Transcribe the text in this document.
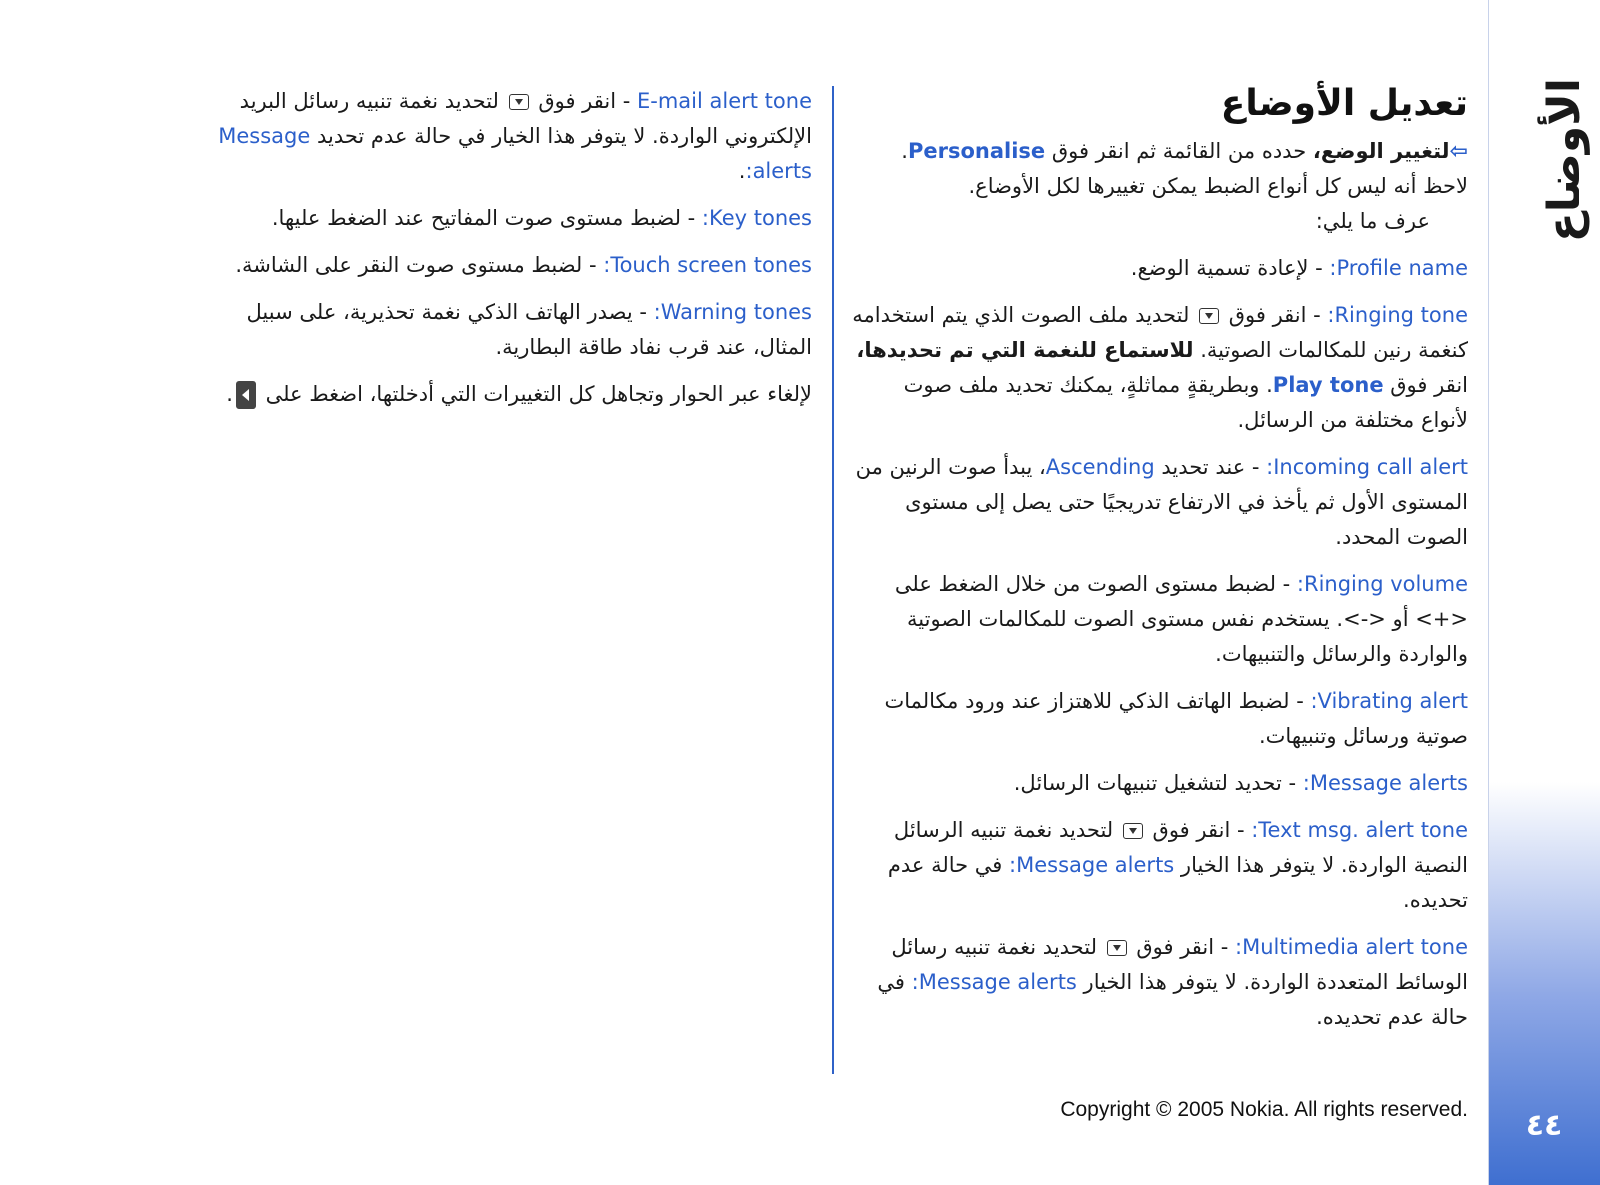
الأوضاع
٤٤
تعديل الأوضاع
⇦لتغيير الوضع، حدده من القائمة ثم انقر فوق Personalise. لاحظ أنه ليس كل أنواع الضبط يمكن تغييرها لكل الأوضاع.
عرف ما يلي:
Profile name: - لإعادة تسمية الوضع.
Ringing tone: - انقر فوق  لتحديد ملف الصوت الذي يتم استخدامه كنغمة رنين للمكالمات الصوتية. للاستماع للنغمة التي تم تحديدها، انقر فوق Play tone. وبطريقةٍ مماثلةٍ، يمكنك تحديد ملف صوت لأنواع مختلفة من الرسائل.
Incoming call alert: - عند تحديد Ascending، يبدأ صوت الرنين من المستوى الأول ثم يأخذ في الارتفاع تدريجيًا حتى يصل إلى مستوى الصوت المحدد.
Ringing volume: - لضبط مستوى الصوت من خلال الضغط على <+> أو <->. يستخدم نفس مستوى الصوت للمكالمات الصوتية والواردة والرسائل والتنبيهات.
Vibrating alert: - لضبط الهاتف الذكي للاهتزاز عند ورود مكالمات صوتية ورسائل وتنبيهات.
Message alerts: - تحديد لتشغيل تنبيهات الرسائل.
Text msg. alert tone: - انقر فوق  لتحديد نغمة تنبيه الرسائل النصية الواردة. لا يتوفر هذا الخيار Message alerts: في حالة عدم تحديده.
Multimedia alert tone: - انقر فوق  لتحديد نغمة تنبيه رسائل الوسائط المتعددة الواردة. لا يتوفر هذا الخيار Message alerts: في حالة عدم تحديده.
E-mail alert tone - انقر فوق  لتحديد نغمة تنبيه رسائل البريد الإلكتروني الواردة. لا يتوفر هذا الخيار في حالة عدم تحديد Message alerts:.
Key tones: - لضبط مستوى صوت المفاتيح عند الضغط عليها.
Touch screen tones: - لضبط مستوى صوت النقر على الشاشة.
Warning tones: - يصدر الهاتف الذكي نغمة تحذيرية، على سبيل المثال، عند قرب نفاد طاقة البطارية.
لإلغاء عبر الحوار وتجاهل كل التغييرات التي أدخلتها، اضغط على .
Copyright © 2005 Nokia. All rights reserved.
